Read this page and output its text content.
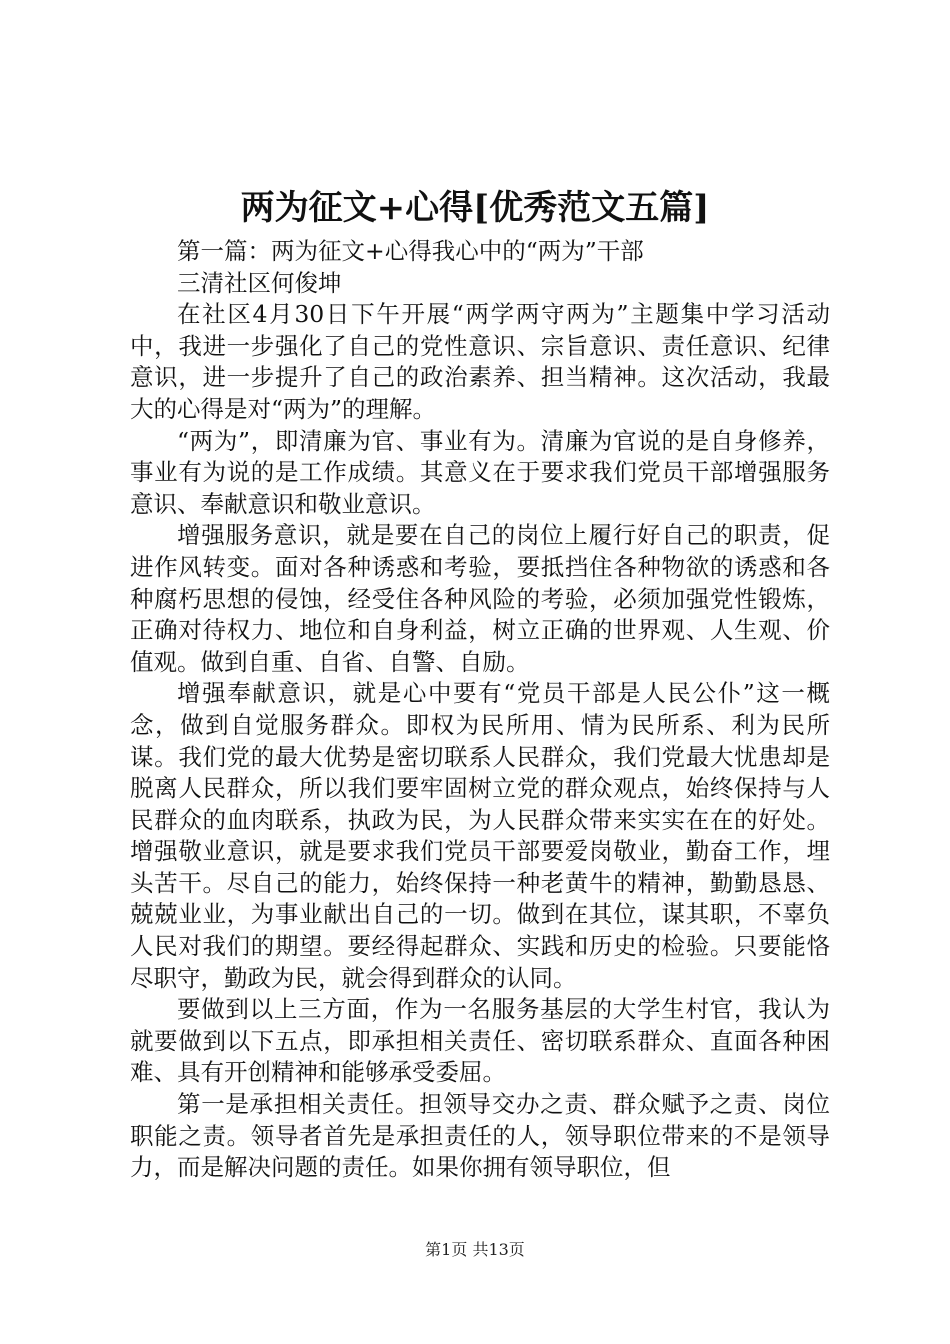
两为征文+心得[优秀范文五篇]

第一篇：两为征文+心得我心中的“两为”干部

三清社区何俊坤

在社区4月30日下午开展“两学两守两为”主题集中学习活动中，我进一步强化了自己的党性意识、宗旨意识、责任意识、纪律意识，进一步提升了自己的政治素养、担当精神。这次活动，我最大的心得是对“两为”的理解。

“两为”，即清廉为官、事业有为。清廉为官说的是自身修养，事业有为说的是工作成绩。其意义在于要求我们党员干部增强服务意识、奉献意识和敬业意识。

增强服务意识，就是要在自己的岗位上履行好自己的职责，促进作风转变。面对各种诱惑和考验，要抵挡住各种物欲的诱惑和各种腐朽思想的侵蚀，经受住各种风险的考验，必须加强党性锻炼，正确对待权力、地位和自身利益，树立正确的世界观、人生观、价值观。做到自重、自省、自警、自励。

增强奉献意识，就是心中要有“党员干部是人民公仆”这一概念，做到自觉服务群众。即权为民所用、情为民所系、利为民所谋。我们党的最大优势是密切联系人民群众，我们党最大忧患却是脱离人民群众，所以我们要牢固树立党的群众观点，始终保持与人民群众的血肉联系，执政为民，为人民群众带来实实在在的好处。增强敬业意识，就是要求我们党员干部要爱岗敬业，勤奋工作，埋头苦干。尽自己的能力，始终保持一种老黄牛的精神，勤勤恳恳、兢兢业业，为事业献出自己的一切。做到在其位，谋其职，不辜负人民对我们的期望。要经得起群众、实践和历史的检验。只要能恪尽职守，勤政为民，就会得到群众的认同。

要做到以上三方面，作为一名服务基层的大学生村官，我认为就要做到以下五点，即承担相关责任、密切联系群众、直面各种困难、具有开创精神和能够承受委屈。

第一是承担相关责任。担领导交办之责、群众赋予之责、岗位职能之责。领导者首先是承担责任的人，领导职位带来的不是领导力，而是解决问题的责任。如果你拥有领导职位，但

第1页 共13页
